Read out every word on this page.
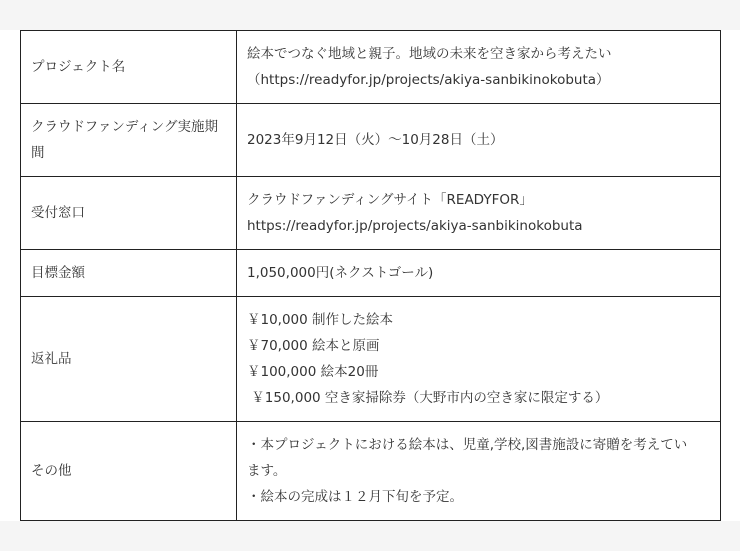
プロジェクト名	絵本でつなぐ地域と親子。地域の未来を空き家から考えたい
（https://readyfor.jp/projects/akiya-sanbikinokobuta）

クラウドファンディング実施期間	2023年9月12日（火）〜10月28日（土）

受付窓口	クラウドファンディングサイト「READYFOR」
https://readyfor.jp/projects/akiya-sanbikinokobuta

目標金額	1,050,000円(ネクストゴール)

返礼品	￥10,000 制作した絵本
￥70,000 絵本と原画
￥100,000 絵本20冊
￥150,000 空き家掃除券（大野市内の空き家に限定する）

その他	・本プロジェクトにおける絵本は、児童,学校,図書施設に寄贈を考えてい
ます。
・絵本の完成は１２月下旬を予定。
